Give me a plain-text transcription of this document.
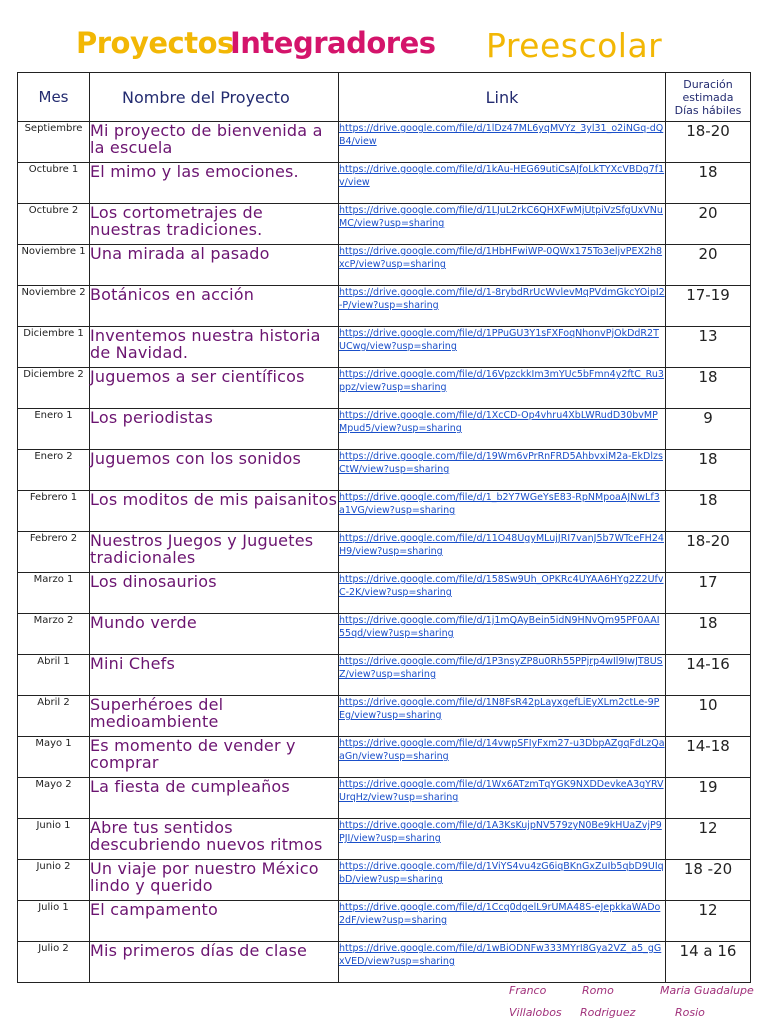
Proyectos
Integradores Preescolar
Mes	Nombre del Proyecto	Link	Duración
estimada
Días hábiles

Septiembre	Mi proyecto de bienvenida a la escuela	https://drive.google.com/file/d/1lDz47ML6yqMVYz_3yl31_o2iNGq-dQB4/view	18-20
Octubre 1	El mimo y las emociones.	https://drive.google.com/file/d/1kAu-HEG69utiCsAJfoLkTYXcVBDg7f1v/view	18
Octubre 2	Los cortometrajes de nuestras tradiciones.	https://drive.google.com/file/d/1LJuL2rkC6QHXFwMjUtpiVzSfgUxVNuMC/view?usp=sharing	20
Noviembre 1	Una mirada al pasado	https://drive.google.com/file/d/1HbHFwiWP-0QWx175To3eljvPEX2h8xcP/view?usp=sharing	20
Noviembre 2	Botánicos en acción	https://drive.google.com/file/d/1-8rybdRrUcWvlevMqPVdmGkcYOipI2-P/view?usp=sharing	17-19
Diciembre 1	Inventemos nuestra historia de Navidad.	https://drive.google.com/file/d/1PPuGU3Y1sFXFoqNhonvPjOkDdR2TUCwg/view?usp=sharing	13
Diciembre 2	Juguemos a ser científicos	https://drive.google.com/file/d/16VpzckkIm3mYUc5bFmn4y2ftC_Ru3ppz/view?usp=sharing	18
Enero 1	Los periodistas	https://drive.google.com/file/d/1XcCD-Op4vhru4XbLWRudD30bvMPMpud5/view?usp=sharing	9
Enero 2	Juguemos con los sonidos	https://drive.google.com/file/d/19Wm6vPrRnFRD5AhbvxiM2a-EkDlzsCtW/view?usp=sharing	18
Febrero 1	Los moditos de mis paisanitos	https://drive.google.com/file/d/1_b2Y7WGeYsE83-RpNMpoaAJNwLf3a1VG/view?usp=sharing	18
Febrero 2	Nuestros Juegos y Juguetes tradicionales	https://drive.google.com/file/d/11O48UgyMLujJRI7vanJ5b7WTceFH24H9/view?usp=sharing	18-20
Marzo 1	Los dinosaurios	https://drive.google.com/file/d/158Sw9Uh_OPKRc4UYAA6HYg2Z2UfvC-2K/view?usp=sharing	17
Marzo 2	Mundo verde	https://drive.google.com/file/d/1j1mQAyBein5idN9HNvQm95PF0AAI55qd/view?usp=sharing	18
Abril 1	Mini Chefs	https://drive.google.com/file/d/1P3nsyZP8u0Rh55PPjrp4wIl9IwJT8USZ/view?usp=sharing	14-16
Abril 2	Superhéroes del medioambiente	https://drive.google.com/file/d/1N8FsR42pLayxgefLiEyXLm2ctLe-9PEg/view?usp=sharing	10
Mayo 1	Es momento de vender y comprar	https://drive.google.com/file/d/14vwpSFIyFxm27-u3DbpAZgqFdLzQaaGn/view?usp=sharing	14-18
Mayo 2	La fiesta de cumpleaños	https://drive.google.com/file/d/1Wx6ATzmTqYGK9NXDDevkeA3gYRVUrqHz/view?usp=sharing	19
Junio 1	Abre tus sentidos descubriendo nuevos ritmos	https://drive.google.com/file/d/1A3KsKujpNV579zyN0Be9kHUaZvjP9PJI/view?usp=sharing	12
Junio 2	Un viaje por nuestro México lindo y querido	https://drive.google.com/file/d/1ViYS4vu4zG6iqBKnGxZuIb5qbD9UIqbD/view?usp=sharing	18 -20
Julio 1	El campamento	https://drive.google.com/file/d/1Ccq0dgelL9rUMA48S-eJepkkaWADo2dF/view?usp=sharing	12
Julio 2	Mis primeros días de clase	https://drive.google.com/file/d/1wBiODNFw333MYrI8Gya2VZ_a5_gGxVED/view?usp=sharing	14 a 16
Franco
Villalobos
Romo
Rodriguez
Maria Guadalupe
Rosio
